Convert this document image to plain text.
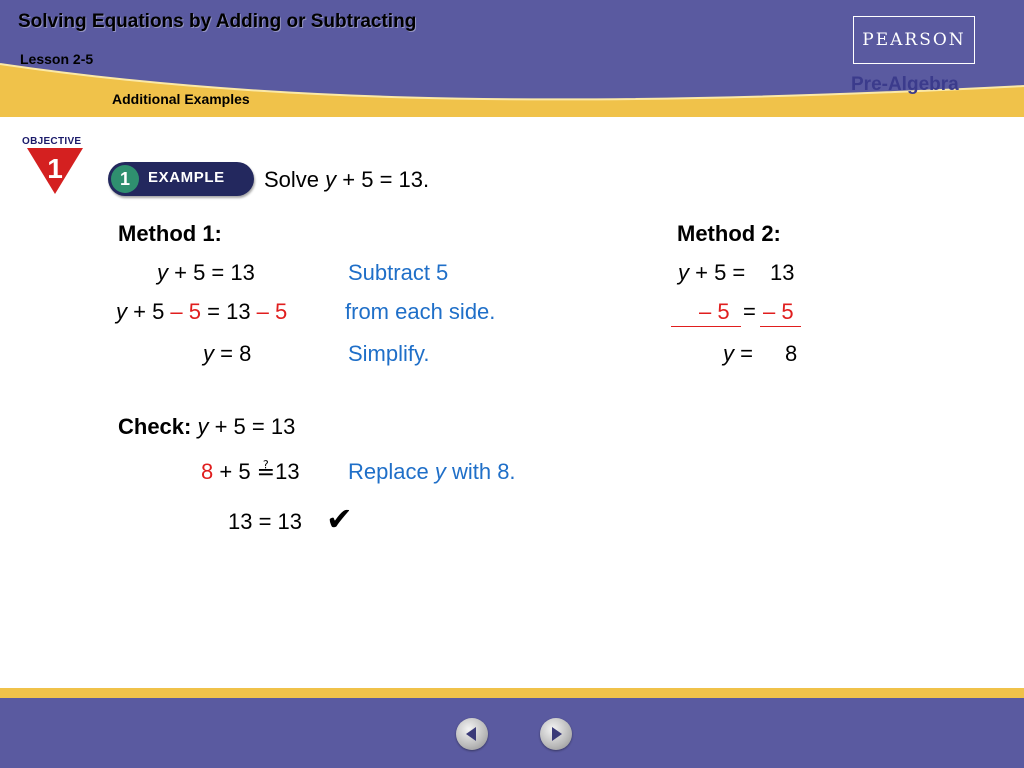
Solving Equations by Adding or Subtracting
Lesson 2-5
Additional Examples
PEARSON
Pre-Algebra
OBJECTIVE
1	1	EXAMPLE Solve y + 5 = 13.
Method 1:
y + 5 = 13
y + 5 – 5 = 13 – 5
y = 8
Subtract 5
from each side.
Simplify.
Method 2:
y + 5 = 13
– 5 = – 5
y = 8
Check: y + 5 = 13
8 + 5 ≟13 Replace y with 8.
13 = 13 ✔
